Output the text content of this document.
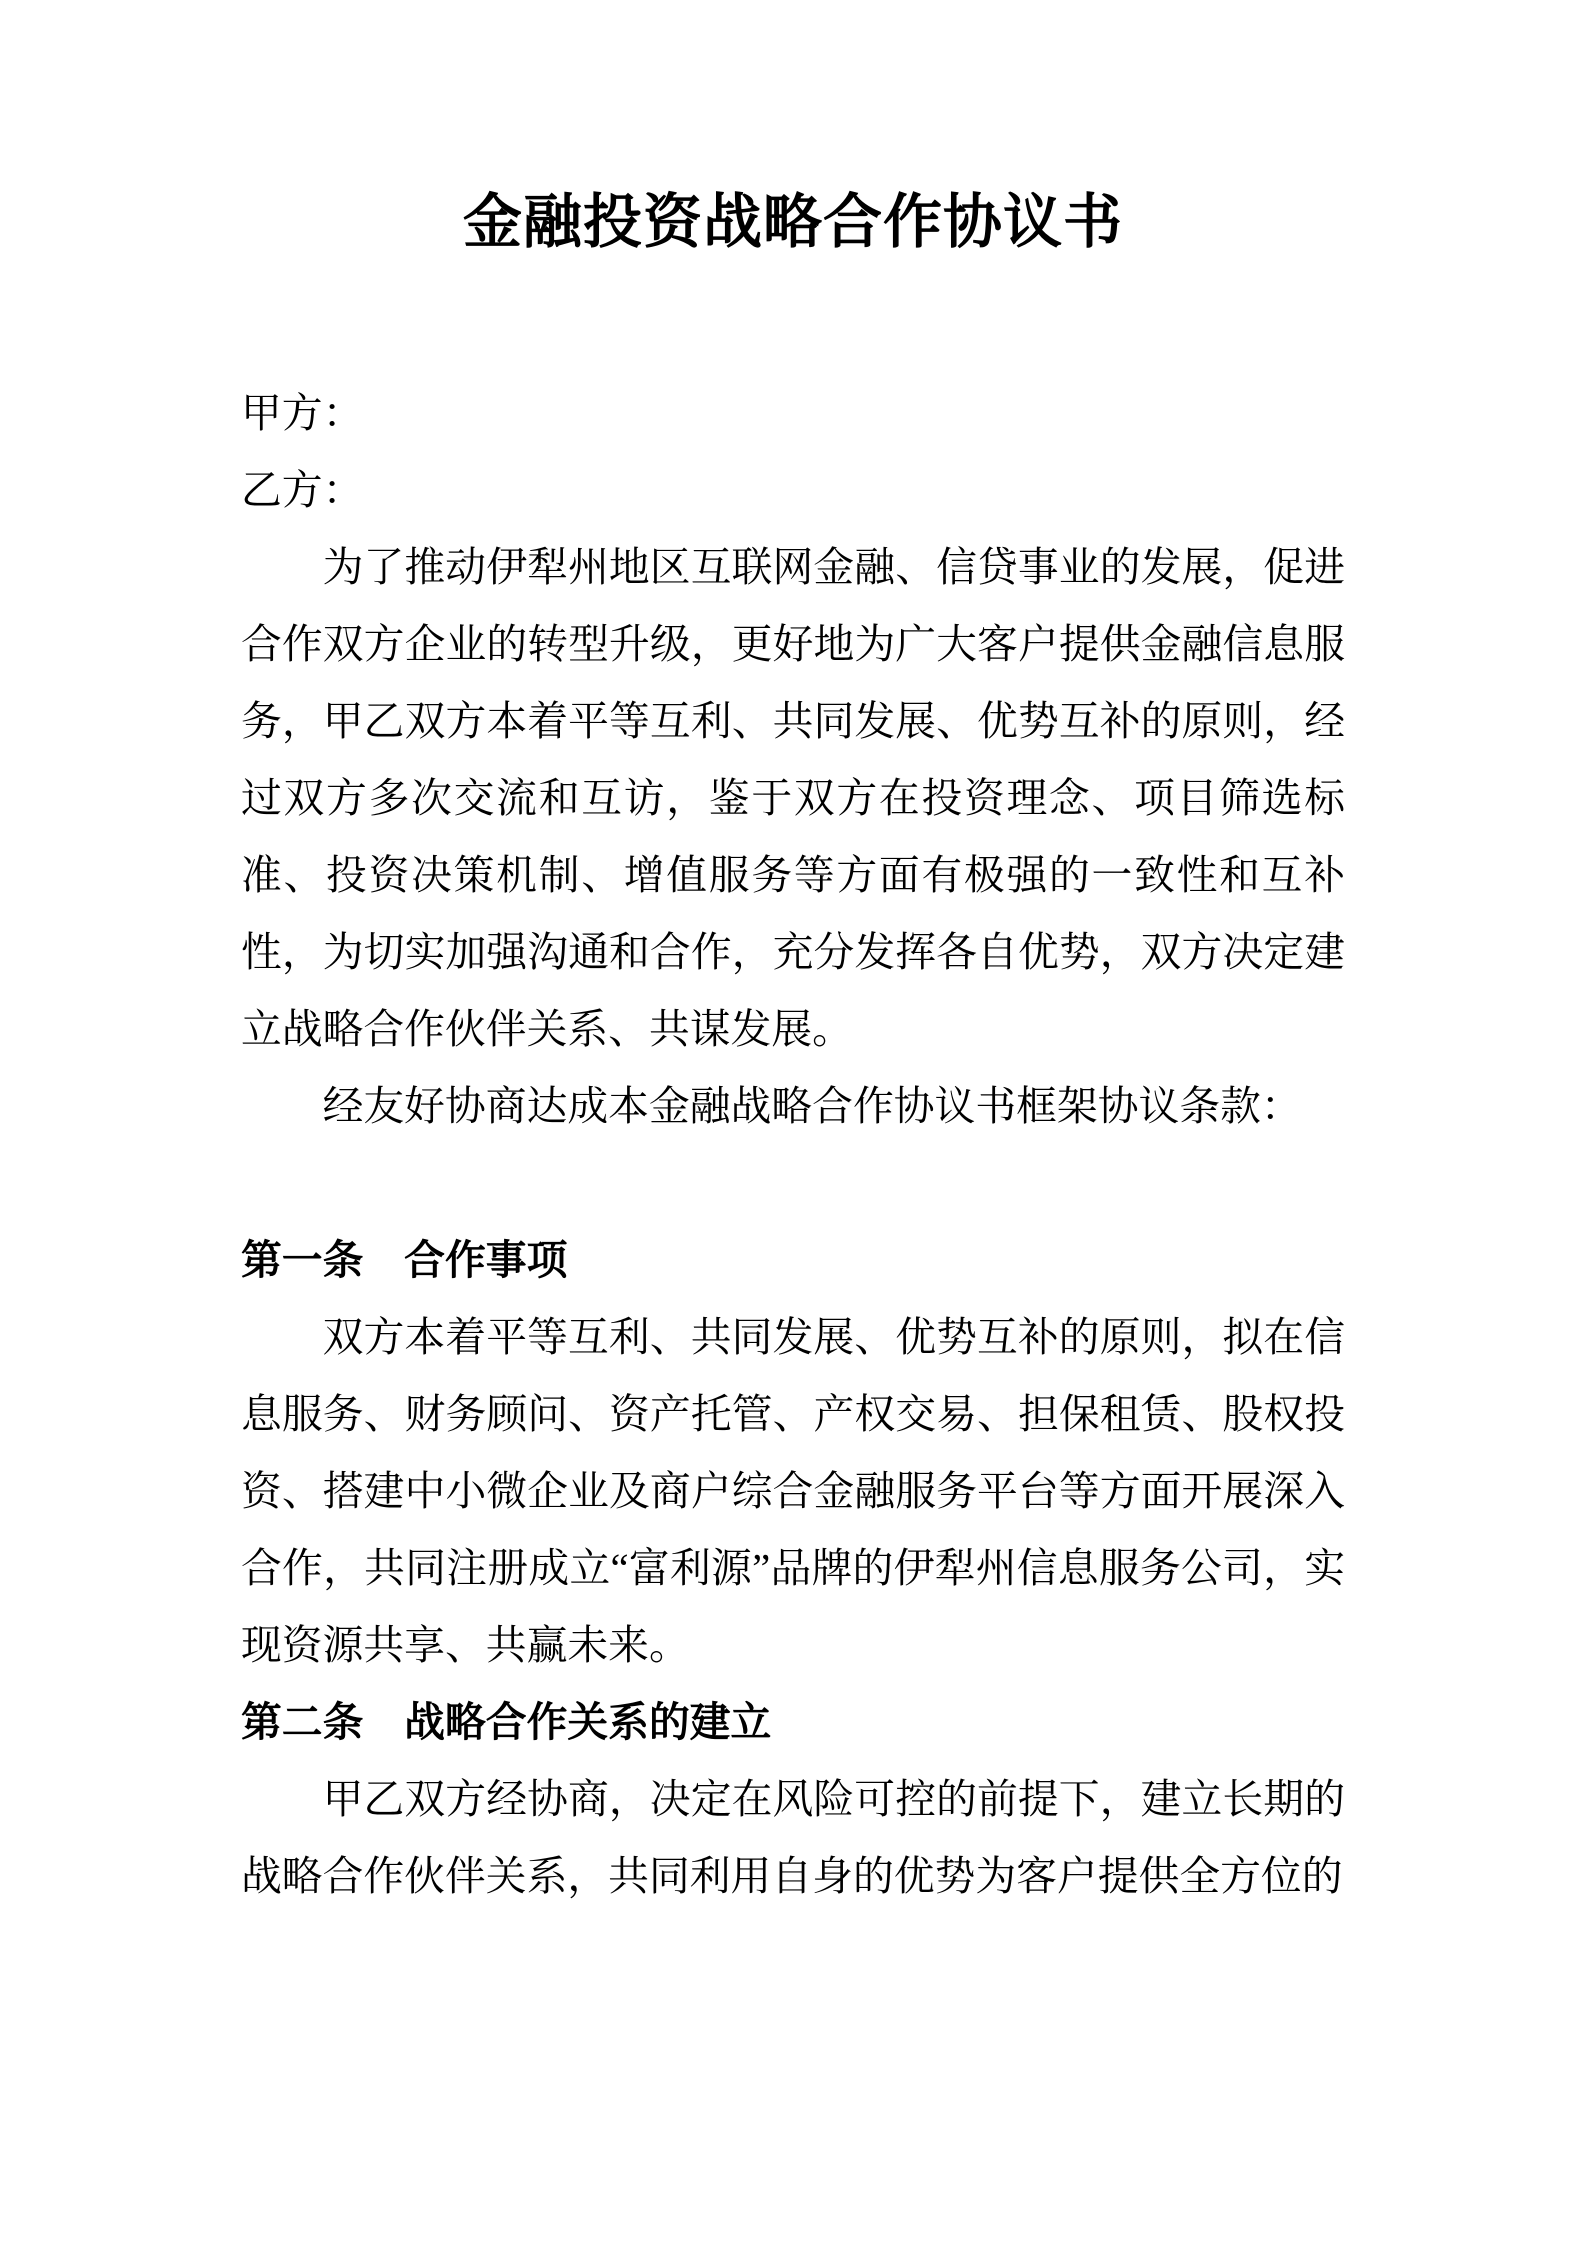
金融投资战略合作协议书

甲方：

乙方：

为了推动伊犁州地区互联网金融、信贷事业的发展，促进合作双方企业的转型升级，更好地为广大客户提供金融信息服务，甲乙双方本着平等互利、共同发展、优势互补的原则，经过双方多次交流和互访，鉴于双方在投资理念、项目筛选标准、投资决策机制、增值服务等方面有极强的一致性和互补性，为切实加强沟通和合作，充分发挥各自优势，双方决定建立战略合作伙伴关系、共谋发展。

经友好协商达成本金融战略合作协议书框架协议条款：

第一条　合作事项

双方本着平等互利、共同发展、优势互补的原则，拟在信息服务、财务顾问、资产托管、产权交易、担保租赁、股权投资、搭建中小微企业及商户综合金融服务平台等方面开展深入合作，共同注册成立“富利源”品牌的伊犁州信息服务公司，实现资源共享、共赢未来。

第二条　战略合作关系的建立

甲乙双方经协商，决定在风险可控的前提下，建立长期的战略合作伙伴关系，共同利用自身的优势为客户提供全方位的
